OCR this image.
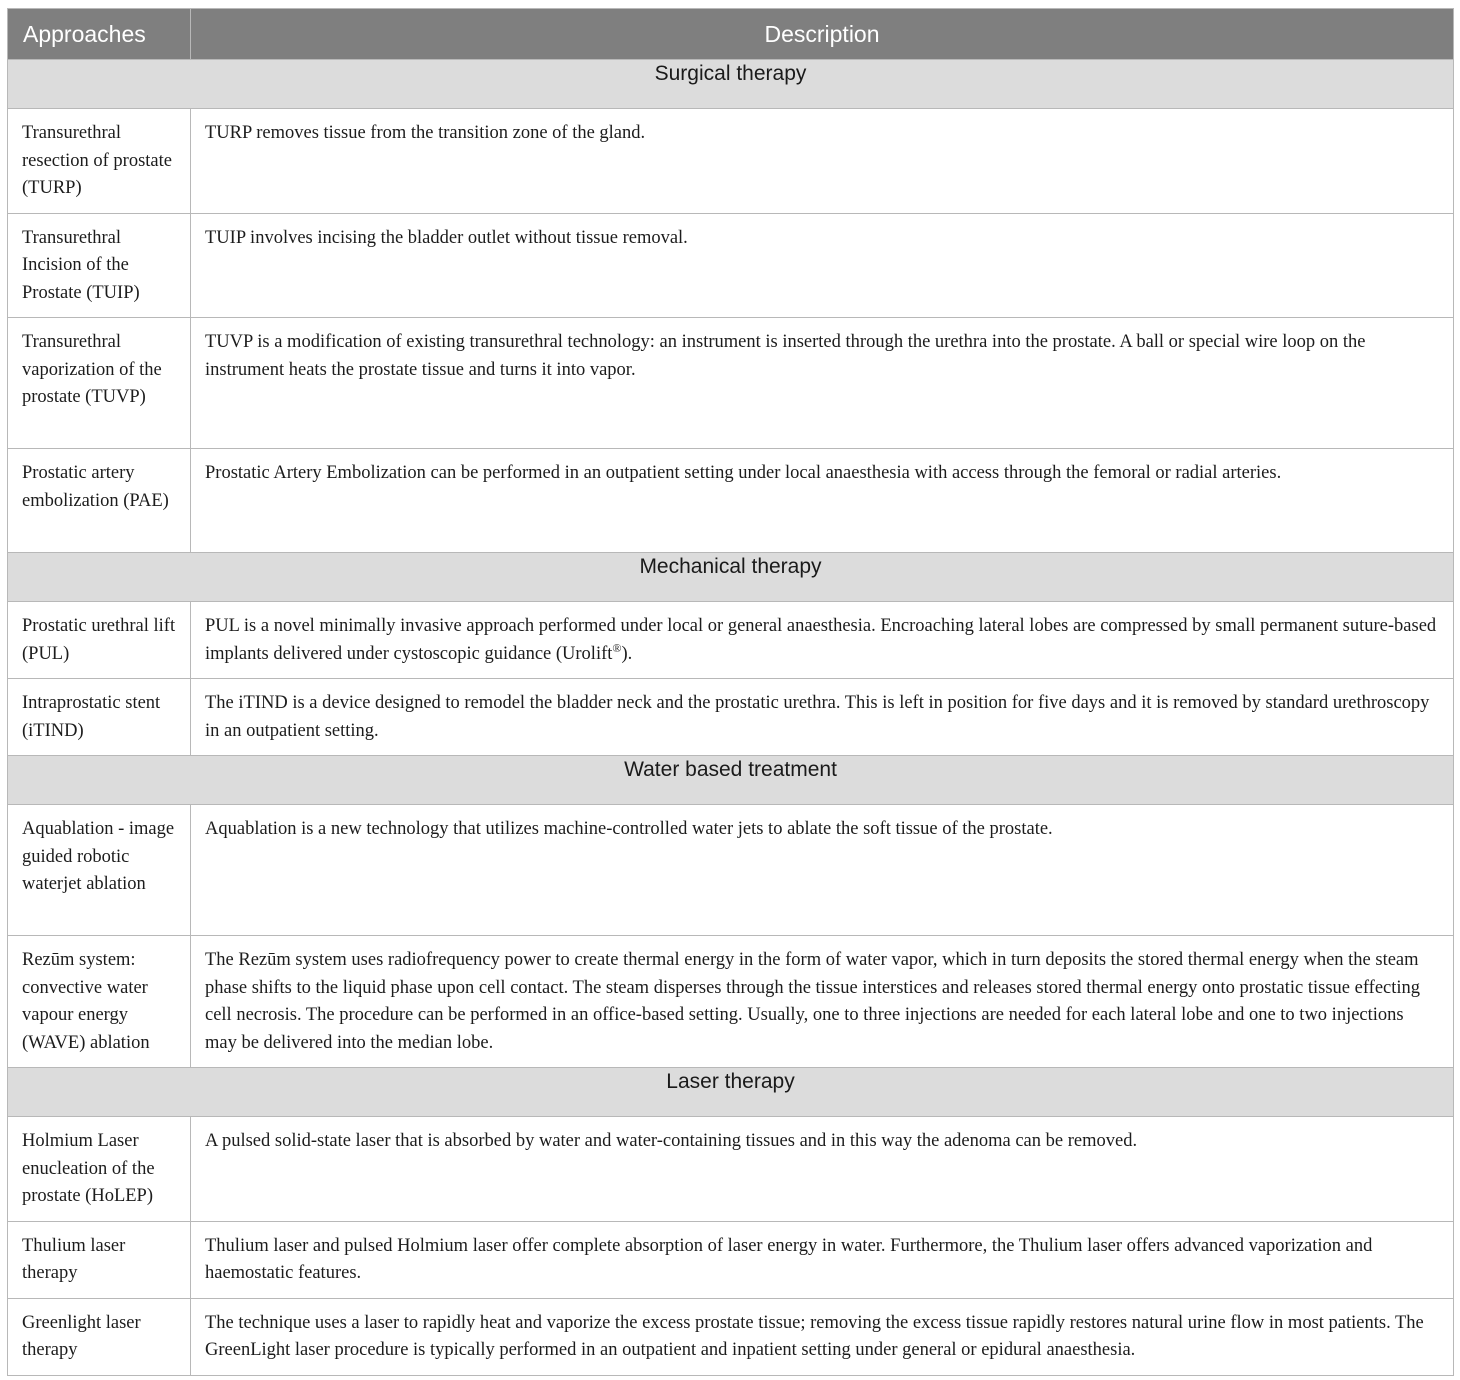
Approaches	Description
Surgical therapy	
Transurethral resection of prostate (TURP)	TURP removes tissue from the transition zone of the gland.
Transurethral Incision of the Prostate (TUIP)	TUIP involves incising the bladder outlet without tissue removal.
Transurethral vaporization of the prostate (TUVP)	TUVP is a modification of existing transurethral technology: an instrument is inserted through the urethra into the prostate. A ball or special wire loop on the instrument heats the prostate tissue and turns it into vapor.
Prostatic artery embolization (PAE)	Prostatic Artery Embolization can be performed in an outpatient setting under local anaesthesia with access through the femoral or radial arteries.
Mechanical therapy	
Prostatic urethral lift (PUL)	PUL is a novel minimally invasive approach performed under local or general anaesthesia. Encroaching lateral lobes are compressed by small permanent suture-based implants delivered under cystoscopic guidance (Urolift®).
Intraprostatic stent (iTIND)	The iTIND is a device designed to remodel the bladder neck and the prostatic urethra. This is left in position for five days and it is removed by standard urethroscopy in an outpatient setting.
Water based treatment	
Aquablation - image guided robotic waterjet ablation	Aquablation is a new technology that utilizes machine-controlled water jets to ablate the soft tissue of the prostate.
Rezūm system: convective water vapour energy (WAVE) ablation	The Rezūm system uses radiofrequency power to create thermal energy in the form of water vapor, which in turn deposits the stored thermal energy when the steam phase shifts to the liquid phase upon cell contact. The steam disperses through the tissue interstices and releases stored thermal energy onto prostatic tissue effecting cell necrosis. The procedure can be performed in an office-based setting. Usually, one to three injections are needed for each lateral lobe and one to two injections may be delivered into the median lobe.
Laser therapy	
Holmium Laser enucleation of the prostate (HoLEP)	A pulsed solid-state laser that is absorbed by water and water-containing tissues and in this way the adenoma can be removed.
Thulium laser therapy	Thulium laser and pulsed Holmium laser offer complete absorption of laser energy in water. Furthermore, the Thulium laser offers advanced vaporization and haemostatic features.
Greenlight laser therapy	The technique uses a laser to rapidly heat and vaporize the excess prostate tissue; removing the excess tissue rapidly restores natural urine flow in most patients. The GreenLight laser procedure is typically performed in an outpatient and inpatient setting under general or epidural anaesthesia.
